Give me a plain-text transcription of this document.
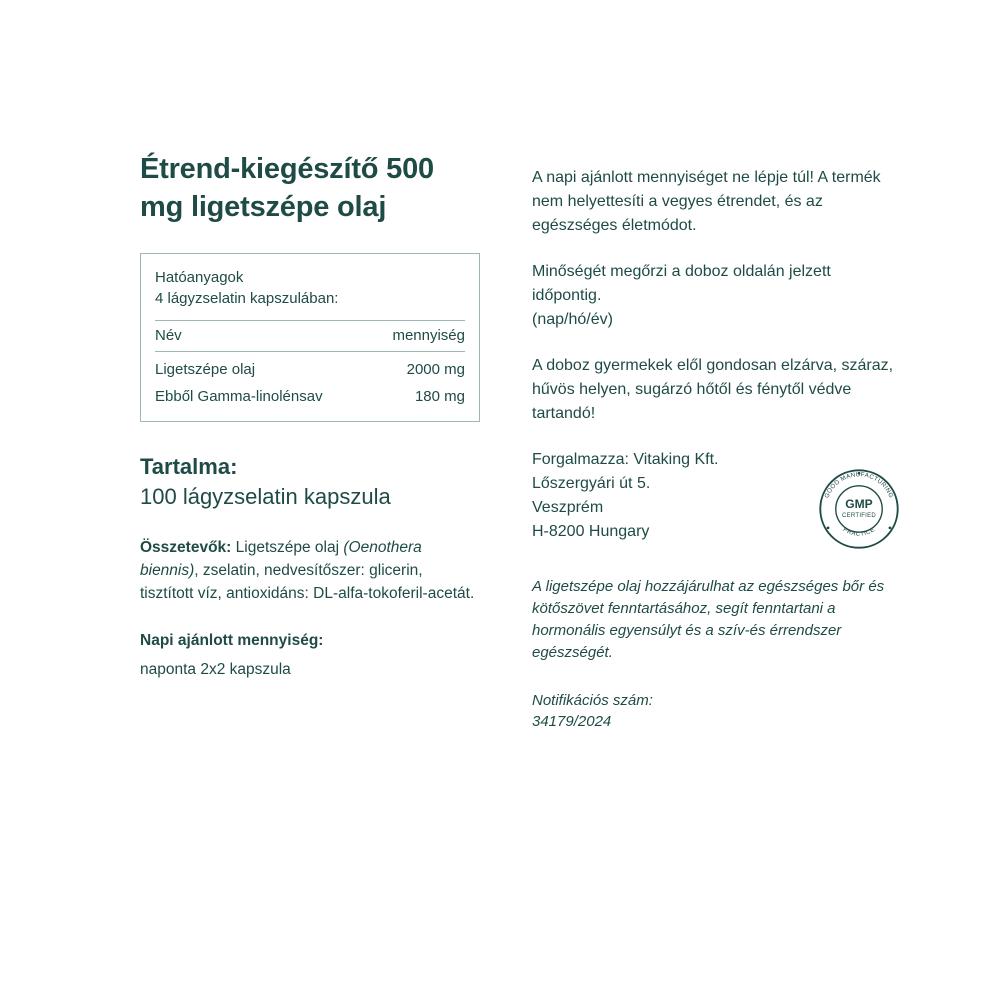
Étrend-kiegészítő 500 mg ligetszépe olaj
Hatóanyagok
4 lágyzselatin kapszulában:
Név	mennyiség
Ligetszépe olaj	2000 mg
Ebből Gamma-linolénsav	180 mg
Tartalma:

100 lágyzselatin kapszula

Összetevők: Ligetszépe olaj (Oenothera biennis), zselatin, nedvesítőszer: glicerin, tisztított víz, antioxidáns: DL-alfa-tokoferil-acetát.

Napi ajánlott mennyiség:

naponta 2x2 kapszula

A napi ajánlott mennyiséget ne lépje túl! A termék nem helyettesíti a vegyes étrendet, és az egészséges életmódot.

Minőségét megőrzi a doboz oldalán jelzett időpontig.
(nap/hó/év)

A doboz gyermekek elől gondosan elzárva, száraz, hűvös helyen, sugárzó hőtől és fénytől védve tartandó!

Forgalmazza: Vitaking Kft.

Lőszergyári út 5.

Veszprém

H-8200 Hungary

GOOD MANUFACTURING
PRACTICE
GMP
CERTIFIED

A ligetszépe olaj hozzájárulhat az egészséges bőr és kötőszövet fenntartásához, segít fenntartani a hormonális egyensúlyt és a szív-és érrendszer egészségét.

Notifikációs szám:
34179/2024
